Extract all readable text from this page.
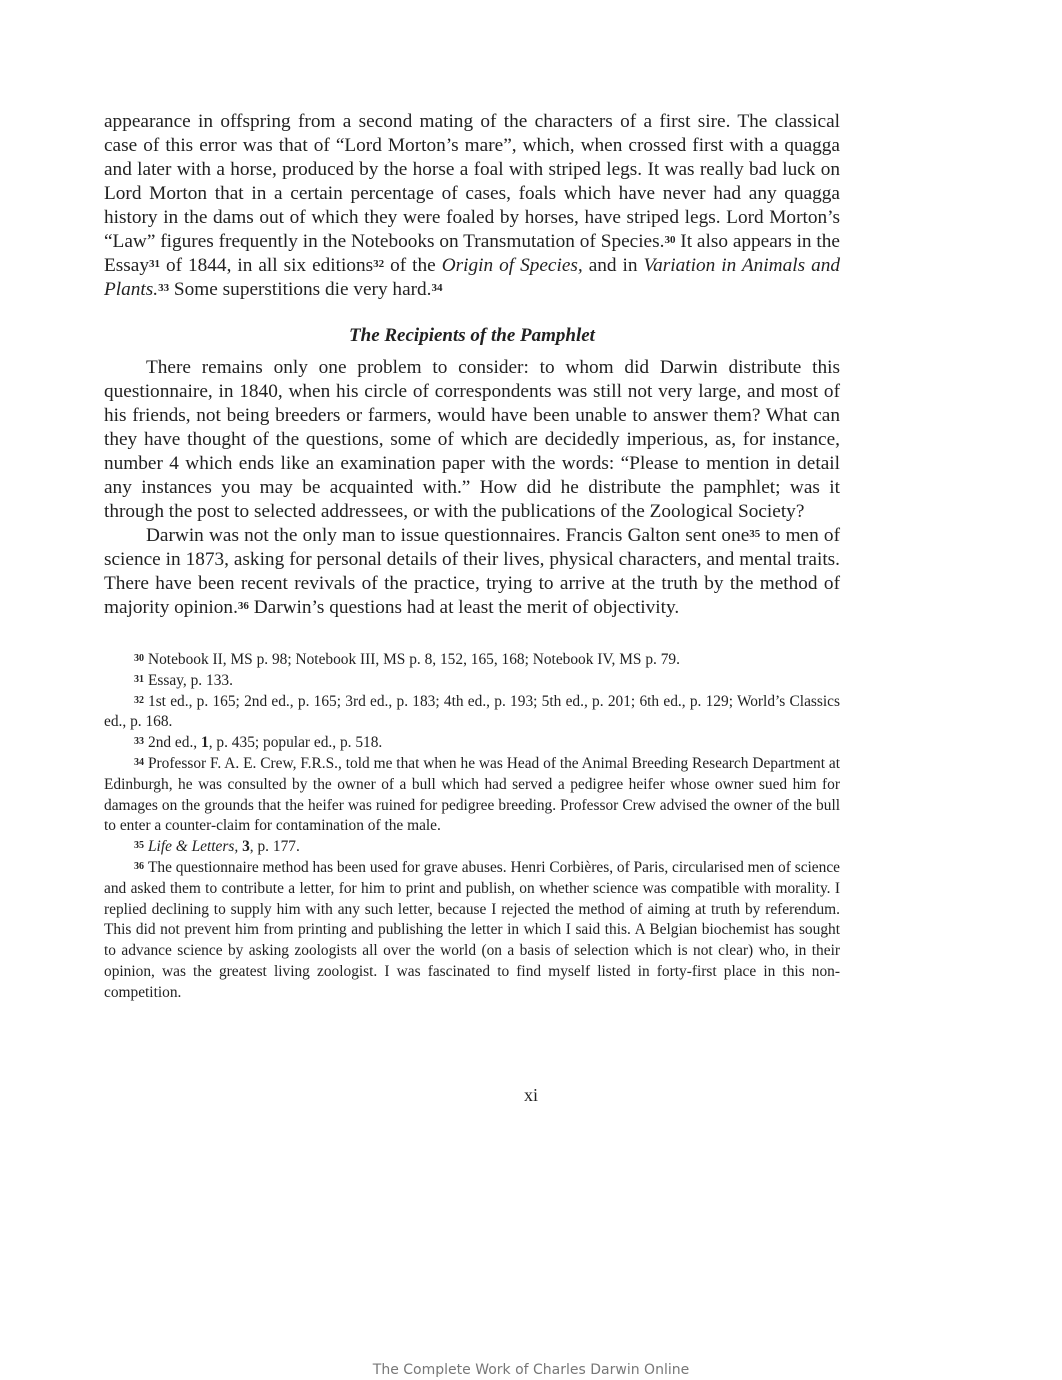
appearance in offspring from a second mating of the characters of a first sire. The classical case of this error was that of “Lord Morton’s mare”, which, when crossed first with a quagga and later with a horse, produced by the horse a foal with striped legs. It was really bad luck on Lord Morton that in a certain percentage of cases, foals which have never had any quagga history in the dams out of which they were foaled by horses, have striped legs. Lord Morton’s “Law” figures frequently in the Notebooks on Transmutation of Species.$^{30}$ It also appears in the Essay$^{31}$ of 1844, in all six editions$^{32}$ of the Origin of Species, and in Variation in Animals and Plants.$^{33}$ Some superstitions die very hard.$^{34}$

The Recipients of the Pamphlet

There remains only one problem to consider: to whom did Darwin distribute this questionnaire, in 1840, when his circle of correspondents was still not very large, and most of his friends, not being breeders or farmers, would have been unable to answer them? What can they have thought of the questions, some of which are decidedly imperious, as, for instance, number 4 which ends like an examination paper with the words: “Please to mention in detail any instances you may be acquainted with.” How did he distribute the pamphlet; was it through the post to selected addressees, or with the publications of the Zoological Society?

Darwin was not the only man to issue questionnaires. Francis Galton sent one$^{35}$ to men of science in 1873, asking for personal details of their lives, physical characters, and mental traits. There have been recent revivals of the practice, trying to arrive at the truth by the method of majority opinion.$^{36}$ Darwin’s questions had at least the merit of objectivity.

$^{30}$ Notebook II, MS p. 98; Notebook III, MS p. 8, 152, 165, 168; Notebook IV, MS p. 79.

$^{31}$ Essay, p. 133.

$^{32}$ 1st ed., p. 165; 2nd ed., p. 165; 3rd ed., p. 183; 4th ed., p. 193; 5th ed., p. 201; 6th ed., p. 129; World’s Classics ed., p. 168.

$^{33}$ 2nd ed., 1, p. 435; popular ed., p. 518.

$^{34}$ Professor F. A. E. Crew, F.R.S., told me that when he was Head of the Animal Breeding Research Department at Edinburgh, he was consulted by the owner of a bull which had served a pedigree heifer whose owner sued him for damages on the grounds that the heifer was ruined for pedigree breeding. Professor Crew advised the owner of the bull to enter a counter-claim for contamination of the male.

$^{35}$ Life & Letters, 3, p. 177.

$^{36}$ The questionnaire method has been used for grave abuses. Henri Corbières, of Paris, circularised men of science and asked them to contribute a letter, for him to print and publish, on whether science was compatible with morality. I replied declining to supply him with any such letter, because I rejected the method of aiming at truth by referendum. This did not prevent him from printing and publishing the letter in which I said this. A Belgian biochemist has sought to advance science by asking zoologists all over the world (on a basis of selection which is not clear) who, in their opinion, was the greatest living zoologist. I was fascinated to find myself listed in forty-first place in this non-competition.

xi
The Complete Work of Charles Darwin Online
